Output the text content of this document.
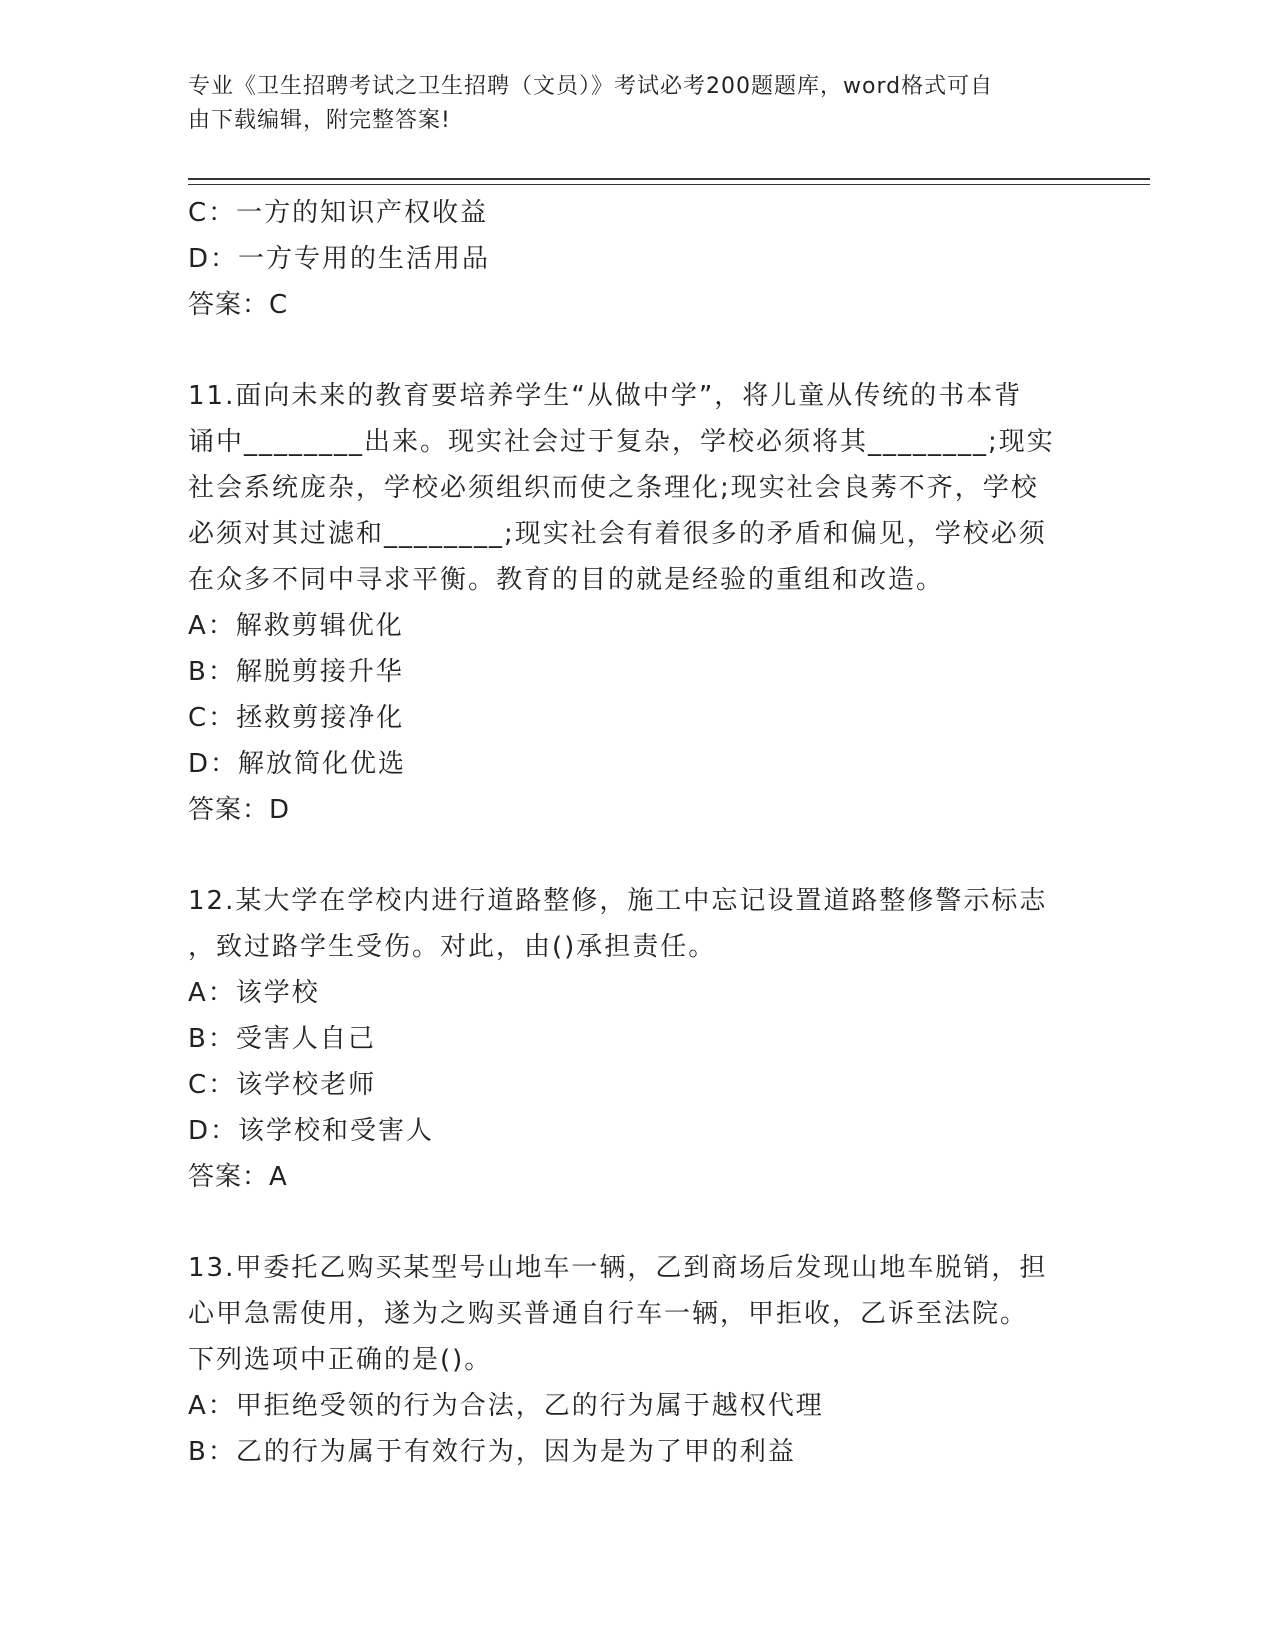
专业《卫生招聘考试之卫生招聘（文员）》考试必考200题题库，word格式可自
由下载编辑，附完整答案!
C：一方的知识产权收益
D：一方专用的生活用品
答案：C
11.面向未来的教育要培养学生“从做中学”，将儿童从传统的书本背
诵中________出来。现实社会过于复杂，学校必须将其________;现实
社会系统庞杂，学校必须组织而使之条理化;现实社会良莠不齐，学校
必须对其过滤和________;现实社会有着很多的矛盾和偏见，学校必须
在众多不同中寻求平衡。教育的目的就是经验的重组和改造。
A：解救剪辑优化
B：解脱剪接升华
C：拯救剪接净化
D：解放简化优选
答案：D
12.某大学在学校内进行道路整修，施工中忘记设置道路整修警示标志
，致过路学生受伤。对此，由()承担责任。
A：该学校
B：受害人自己
C：该学校老师
D：该学校和受害人
答案：A
13.甲委托乙购买某型号山地车一辆，乙到商场后发现山地车脱销，担
心甲急需使用，遂为之购买普通自行车一辆，甲拒收，乙诉至法院。
下列选项中正确的是()。
A：甲拒绝受领的行为合法，乙的行为属于越权代理
B：乙的行为属于有效行为，因为是为了甲的利益
